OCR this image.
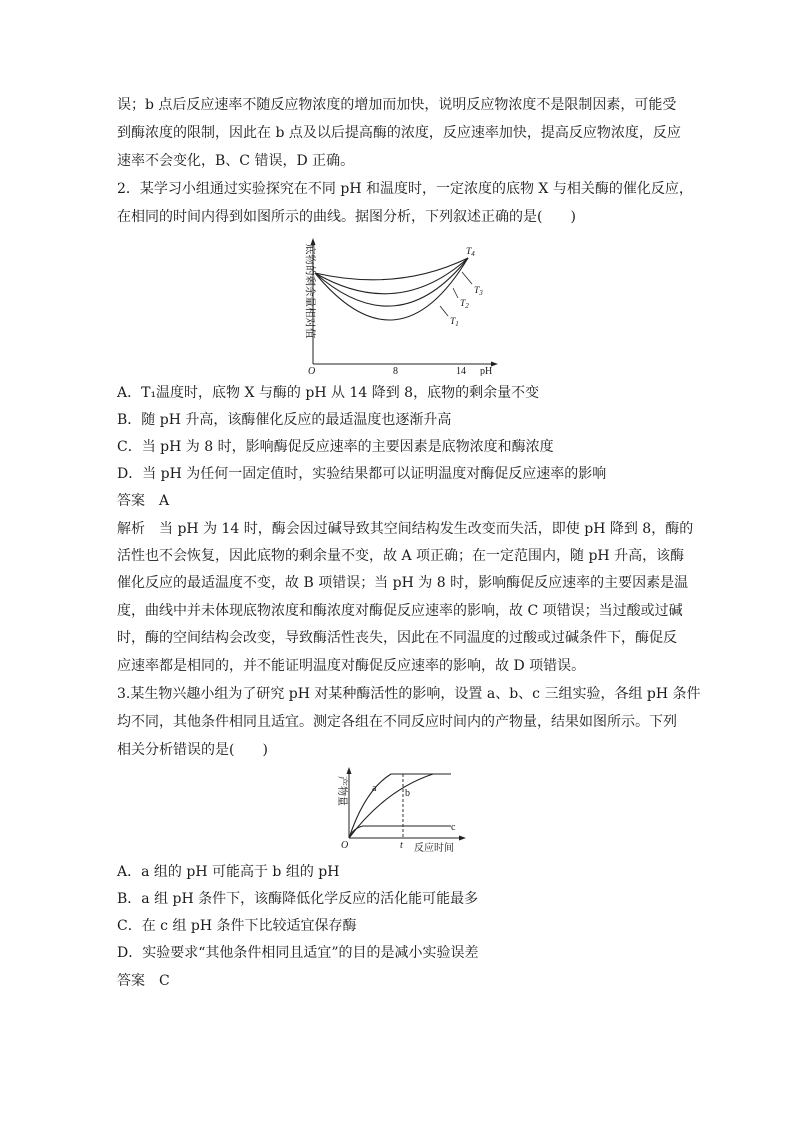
误；b 点后反应速率不随反应物浓度的增加而加快，说明反应物浓度不是限制因素，可能受
到酶浓度的限制，因此在 b 点及以后提高酶的浓度，反应速率加快，提高反应物浓度，反应
速率不会变化，B、C 错误，D 正确。
2．某学习小组通过实验探究在不同 pH 和温度时，一定浓度的底物 X 与相关酶的催化反应，
在相同的时间内得到如图所示的曲线。据图分析，下列叙述正确的是(　　)
底物的剩余量相对值
O	8	14 pH
$T_4$
$T_3$
$T_2$
$T_1$
A．T₁温度时，底物 X 与酶的 pH 从 14 降到 8，底物的剩余量不变
B．随 pH 升高，该酶催化反应的最适温度也逐渐升高
C．当 pH 为 8 时，影响酶促反应速率的主要因素是底物浓度和酶浓度
D．当 pH 为任何一固定值时，实验结果都可以证明温度对酶促反应速率的影响
答案　A
解析　当 pH 为 14 时，酶会因过碱导致其空间结构发生改变而失活，即使 pH 降到 8，酶的
活性也不会恢复，因此底物的剩余量不变，故 A 项正确；在一定范围内，随 pH 升高，该酶
催化反应的最适温度不变，故 B 项错误；当 pH 为 8 时，影响酶促反应速率的主要因素是温
度，曲线中并未体现底物浓度和酶浓度对酶促反应速率的影响，故 C 项错误；当过酸或过碱
时，酶的空间结构会改变，导致酶活性丧失，因此在不同温度的过酸或过碱条件下，酶促反
应速率都是相同的，并不能证明温度对酶促反应速率的影响，故 D 项错误。
3.某生物兴趣小组为了研究 pH 对某种酶活性的影响，设置 a、b、c 三组实验，各组 pH 条件
均不同，其他条件相同且适宜。测定各组在不同反应时间内的产物量，结果如图所示。下列
相关分析错误的是(　　)
产物量
O	t 反应时间
a	b
c
A．a 组的 pH 可能高于 b 组的 pH
B．a 组 pH 条件下，该酶降低化学反应的活化能可能最多
C．在 c 组 pH 条件下比较适宜保存酶
D．实验要求“其他条件相同且适宜”的目的是减小实验误差
答案　C
